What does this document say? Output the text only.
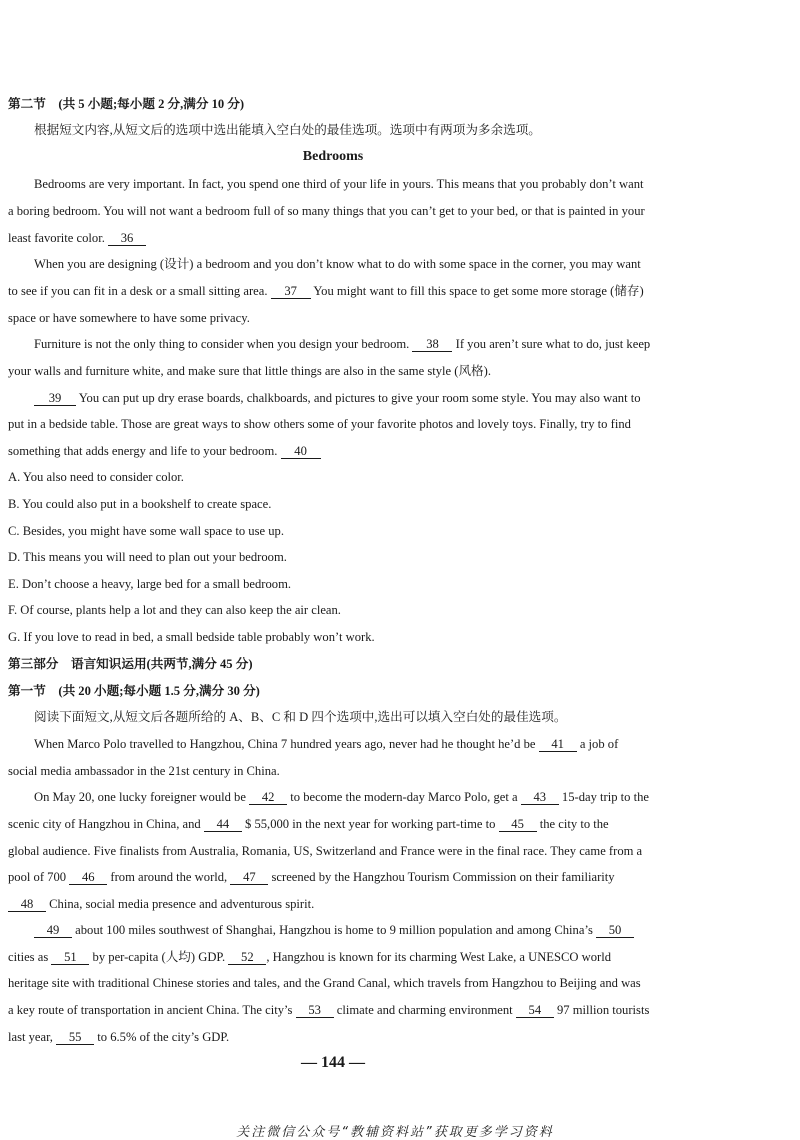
第二节　(共 5 小题;每小题 2 分,满分 10 分)
根据短文内容,从短文后的选项中选出能填入空白处的最佳选项。选项中有两项为多余选项。
Bedrooms
Bedrooms are very important. In fact, you spend one third of your life in yours. This means that you probably don’t want
a boring bedroom. You will not want a bedroom full of so many things that you can’t get to your bed, or that is painted in your
least favorite color. 36
When you are designing (设计) a bedroom and you don’t know what to do with some space in the corner, you may want
to see if you can fit in a desk or a small sitting area. 37 You might want to fill this space to get some more storage (储存)
space or have somewhere to have some privacy.
Furniture is not the only thing to consider when you design your bedroom. 38 If you aren’t sure what to do, just keep
your walls and furniture white, and make sure that little things are also in the same style (风格).
39 You can put up dry erase boards, chalkboards, and pictures to give your room some style. You may also want to
put in a bedside table. Those are great ways to show others some of your favorite photos and lovely toys. Finally, try to find
something that adds energy and life to your bedroom. 40
A. You also need to consider color.
B. You could also put in a bookshelf to create space.
C. Besides, you might have some wall space to use up.
D. This means you will need to plan out your bedroom.
E. Don’t choose a heavy, large bed for a small bedroom.
F. Of course, plants help a lot and they can also keep the air clean.
G. If you love to read in bed, a small bedside table probably won’t work.
第三部分　语言知识运用(共两节,满分 45 分)
第一节　(共 20 小题;每小题 1.5 分,满分 30 分)
阅读下面短文,从短文后各题所给的 A、B、C 和 D 四个选项中,选出可以填入空白处的最佳选项。
When Marco Polo travelled to Hangzhou, China 7 hundred years ago, never had he thought he’d be 41 a job of
social media ambassador in the 21st century in China.
On May 20, one lucky foreigner would be 42 to become the modern-day Marco Polo, get a 43 15-day trip to the
scenic city of Hangzhou in China, and 44 $ 55,000 in the next year for working part-time to 45 the city to the
global audience. Five finalists from Australia, Romania, US, Switzerland and France were in the final race. They came from a
pool of 700 46 from around the world, 47 screened by the Hangzhou Tourism Commission on their familiarity
48 China, social media presence and adventurous spirit.
49 about 100 miles southwest of Shanghai, Hangzhou is home to 9 million population and among China’s 50
cities as 51 by per-capita (人均) GDP. 52 , Hangzhou is known for its charming West Lake, a UNESCO world
heritage site with traditional Chinese stories and tales, and the Grand Canal, which travels from Hangzhou to Beijing and was
a key route of transportation in ancient China. The city’s 53 climate and charming environment 54 97 million tourists
last year, 55 to 6.5% of the city’s GDP.
— 144 —
关注微信公众号“教辅资料站”获取更多学习资料
